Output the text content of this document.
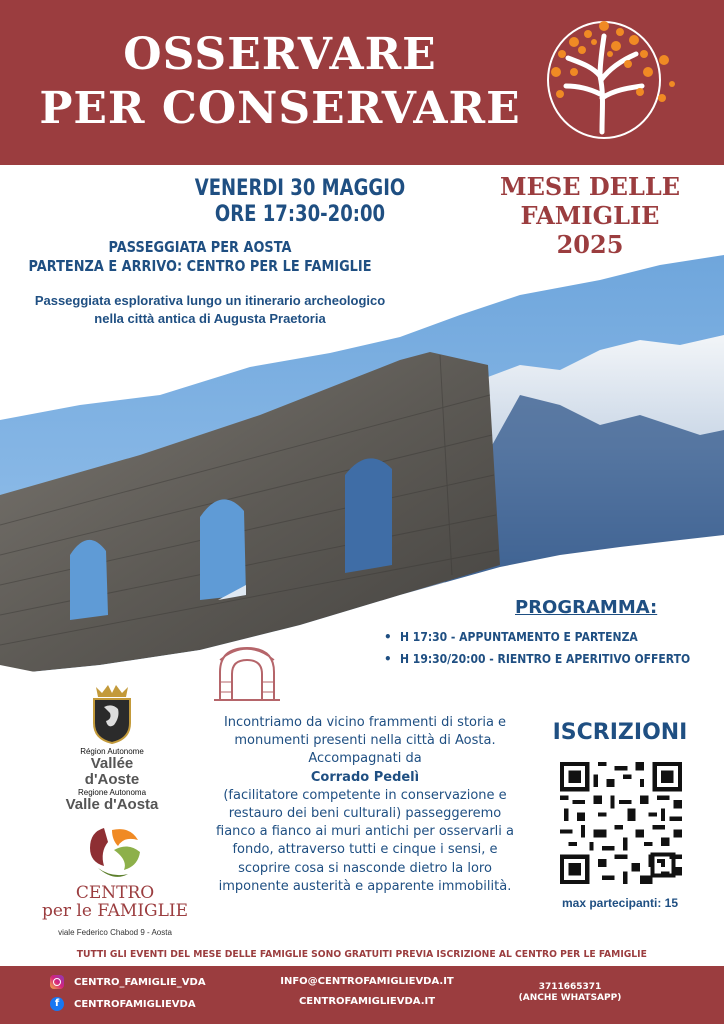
OSSERVARE
PER CONSERVARE
VENERDI 30 MAGGIO
ORE 17:30-20:00
PASSEGGIATA PER AOSTA
PARTENZA E ARRIVO: CENTRO PER LE FAMIGLIE
Passeggiata esplorativa lungo un itinerario archeologico nella città antica di Augusta Praetoria
MESE DELLE
FAMIGLIE
2025
PROGRAMMA:
• H 17:30 - APPUNTAMENTO E PARTENZA
• H 19:30/20:00 - RIENTRO E APERITIVO OFFERTO
Région Autonome
Vallée d'Aoste
Regione Autonoma
Valle d'Aosta
CENTRO
per le FAMIGLIE
viale Federico Chabod 9 - Aosta
Incontriamo da vicino frammenti di storia e monumenti presenti nella città di Aosta. Accompagnati da
Corrado Pedelì
(facilitatore competente in conservazione e restauro dei beni culturali) passeggeremo fianco a fianco ai muri antichi per osservarli a fondo, attraverso tutti e cinque i sensi, e scoprire cosa si nasconde dietro la loro imponente austerità e apparente immobilità.
ISCRIZIONI
max partecipanti: 15
TUTTI GLI EVENTI DEL MESE DELLE FAMIGLIE SONO GRATUITI PREVIA ISCRIZIONE AL CENTRO PER LE FAMIGLIE
CENTRO_FAMIGLIE_VDA
f	CENTROFAMIGLIEVDA
INFO@CENTROFAMIGLIEVDA.IT
CENTROFAMIGLIEVDA.IT
3711665371
(ANCHE WHATSAPP)
